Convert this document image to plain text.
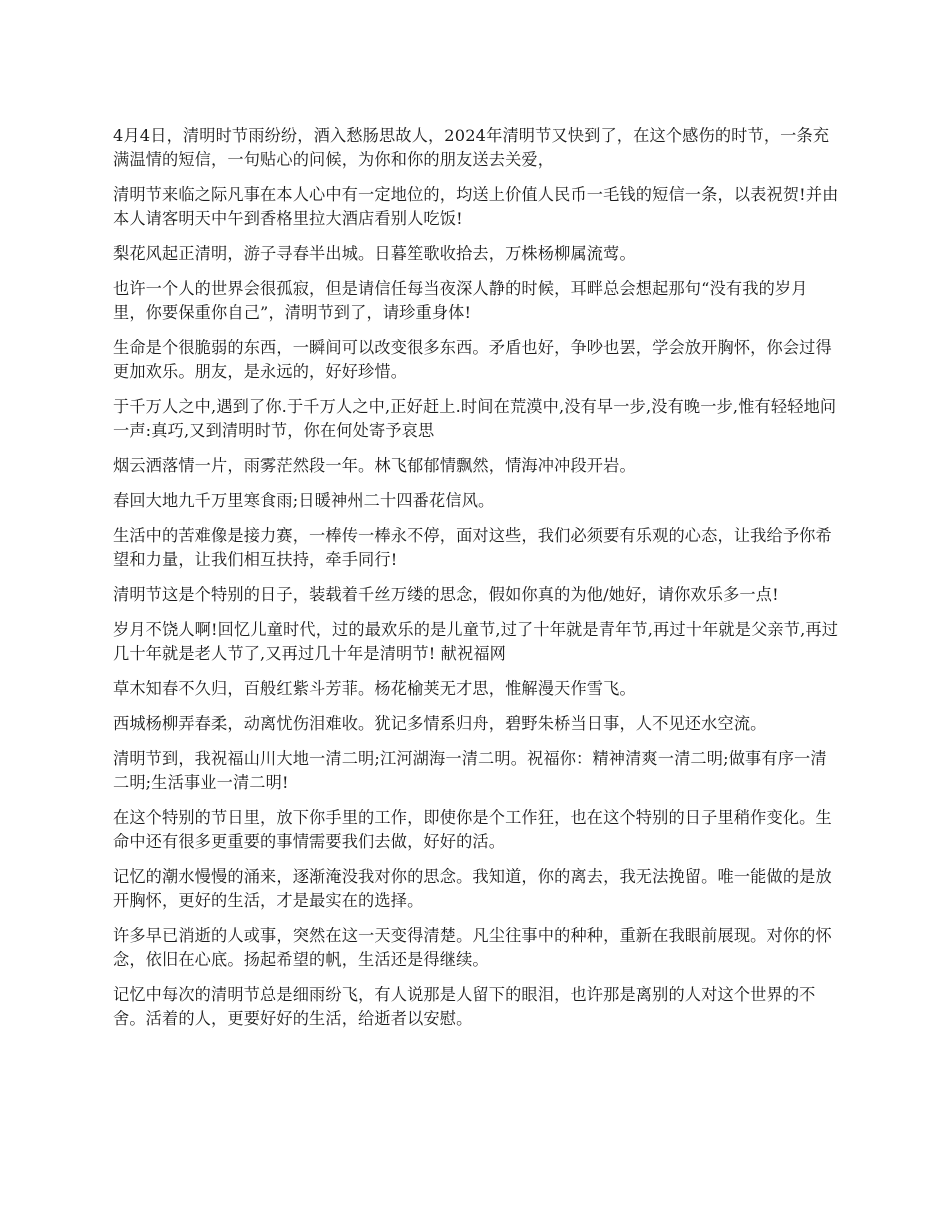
4月4日，清明时节雨纷纷，酒入愁肠思故人，2024年清明节又快到了，在这个感伤的时节，一条充满温情的短信，一句贴心的问候，为你和你的朋友送去关爱，

清明节来临之际凡事在本人心中有一定地位的，均送上价值人民币一毛钱的短信一条，以表祝贺!并由本人请客明天中午到香格里拉大酒店看别人吃饭!

梨花风起正清明，游子寻春半出城。日暮笙歌收拾去，万株杨柳属流莺。

也许一个人的世界会很孤寂，但是请信任每当夜深人静的时候，耳畔总会想起那句“没有我的岁月里，你要保重你自己”，清明节到了，请珍重身体!

生命是个很脆弱的东西，一瞬间可以改变很多东西。矛盾也好，争吵也罢，学会放开胸怀，你会过得更加欢乐。朋友，是永远的，好好珍惜。

于千万人之中,遇到了你.于千万人之中,正好赶上.时间在荒漠中,没有早一步,没有晚一步,惟有轻轻地问一声:真巧,又到清明时节，你在何处寄予哀思

烟云洒落情一片，雨雾茫然段一年。林飞郁郁情飘然，情海冲冲段开岩。

春回大地九千万里寒食雨;日暖神州二十四番花信风。

生活中的苦难像是接力赛，一棒传一棒永不停，面对这些，我们必须要有乐观的心态，让我给予你希望和力量，让我们相互扶持，牵手同行!

清明节这是个特别的日子，装载着千丝万缕的思念，假如你真的为他/她好，请你欢乐多一点!

岁月不饶人啊!回忆儿童时代，过的最欢乐的是儿童节,过了十年就是青年节,再过十年就是父亲节,再过几十年就是老人节了,又再过几十年是清明节! 献祝福网

草木知春不久归，百般红紫斗芳菲。杨花榆荚无才思，惟解漫天作雪飞。

西城杨柳弄春柔，动离忧伤泪难收。犹记多情系归舟，碧野朱桥当日事，人不见还水空流。

清明节到，我祝福山川大地一清二明;江河湖海一清二明。祝福你：精神清爽一清二明;做事有序一清二明;生活事业一清二明!

在这个特别的节日里，放下你手里的工作，即使你是个工作狂，也在这个特别的日子里稍作变化。生命中还有很多更重要的事情需要我们去做，好好的活。

记忆的潮水慢慢的涌来，逐渐淹没我对你的思念。我知道，你的离去，我无法挽留。唯一能做的是放开胸怀，更好的生活，才是最实在的选择。

许多早已消逝的人或事，突然在这一天变得清楚。凡尘往事中的种种，重新在我眼前展现。对你的怀念，依旧在心底。扬起希望的帆，生活还是得继续。

记忆中每次的清明节总是细雨纷飞，有人说那是人留下的眼泪，也许那是离别的人对这个世界的不舍。活着的人，更要好好的生活，给逝者以安慰。
